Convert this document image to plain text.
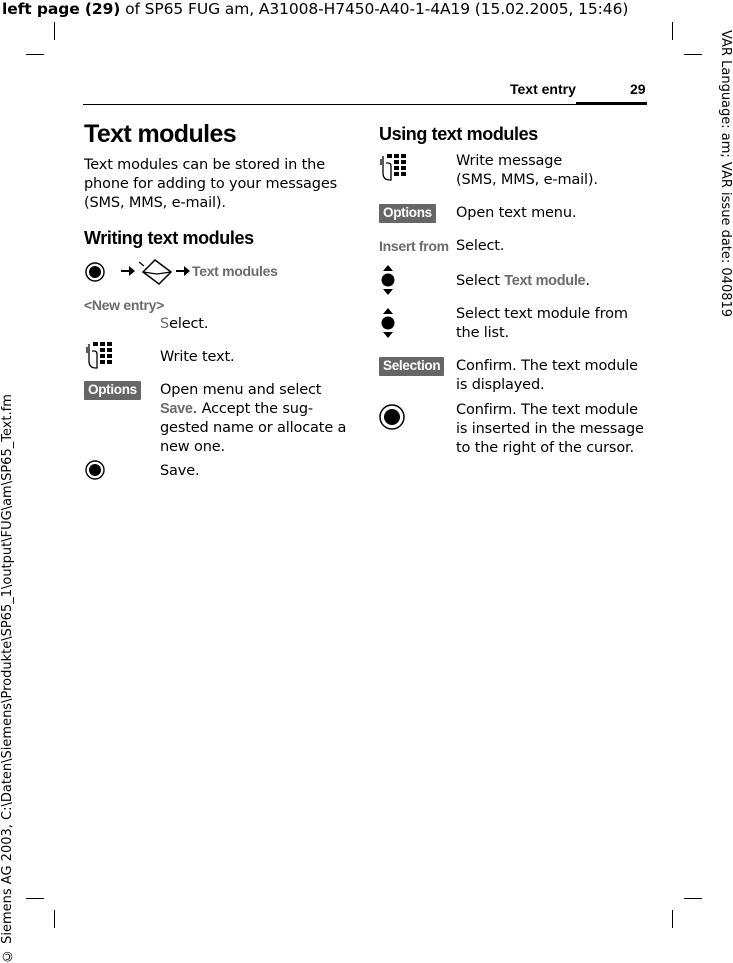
left page (29) of SP65 FUG am, A31008-H7450-A40-1-4A19 (15.02.2005, 15:46)
VAR Language: am; VAR issue date: 040819
© Siemens AG 2003, C:\Daten\Siemens\Produkte\SP65_1\output\FUG\am\SP65_Text.fm
Text entry	29
Text modules
Text modules can be stored in the
phone for adding to your messages
(SMS, MMS, e-mail).
Writing text modules
Text modules
<New entry>
Select.
Write text.
Options Open menu and select
Save. Accept the sug-
gested name or allocate a
new one.
Save.
Using text modules
Write message
(SMS, MMS, e-mail).
Options Open text menu.
Insert from Select.
Select Text module.
Select text module from
the list.
Selection Confirm. The text module
is displayed.
Confirm. The text module
is inserted in the message
to the right of the cursor.
